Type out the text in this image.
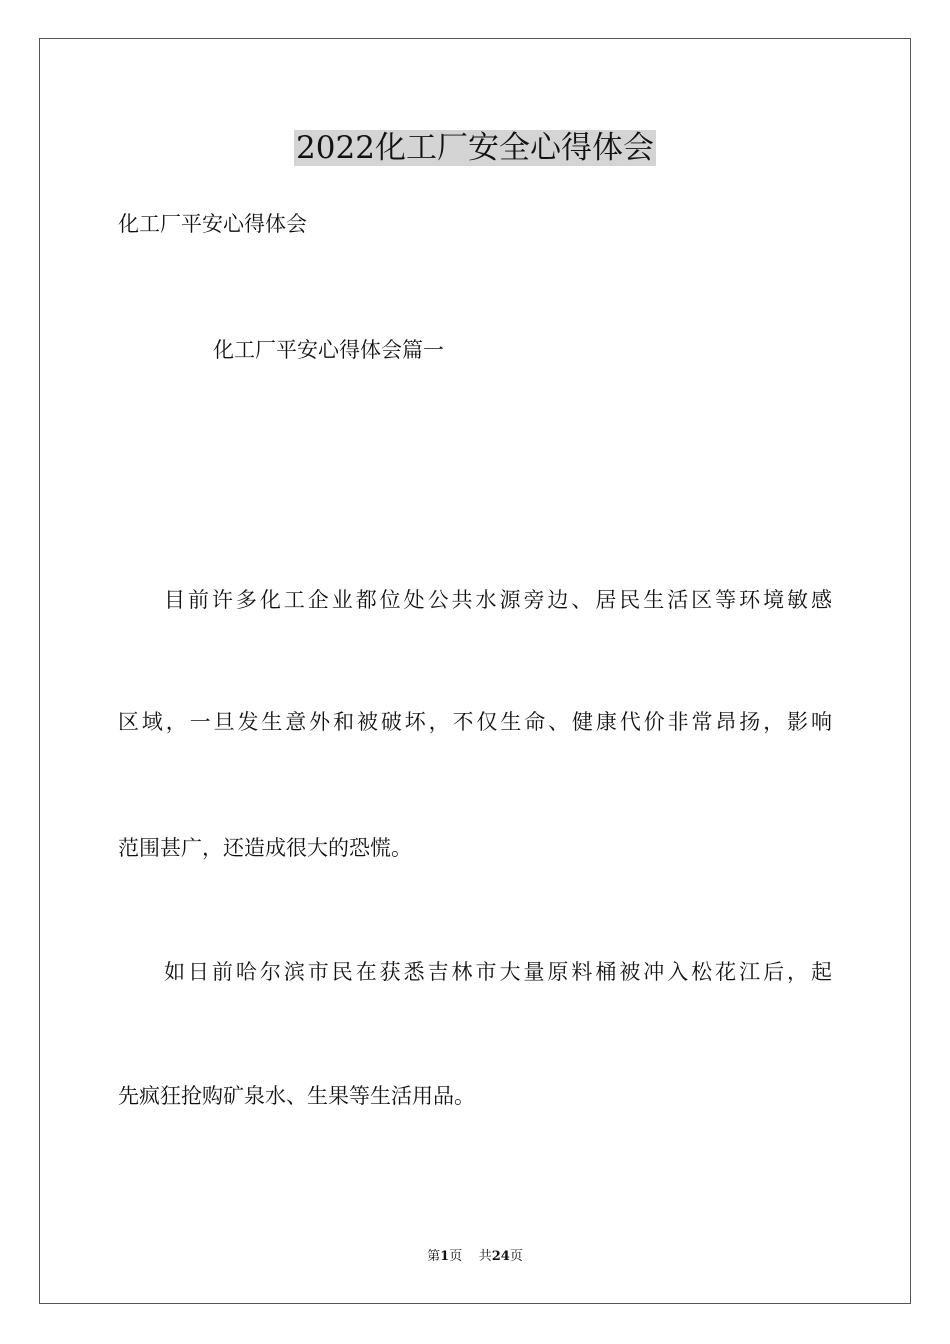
2022化工厂安全心得体会
化工厂平安心得体会
化工厂平安心得体会篇一
目前许多化工企业都位处公共水源旁边、居民生活区等环境敏感
区域，一旦发生意外和被破坏，不仅生命、健康代价非常昂扬，影响
范围甚广，还造成很大的恐慌。
如日前哈尔滨市民在获悉吉林市大量原料桶被冲入松花江后，起
先疯狂抢购矿泉水、生果等生活用品。
第1页 共24页
